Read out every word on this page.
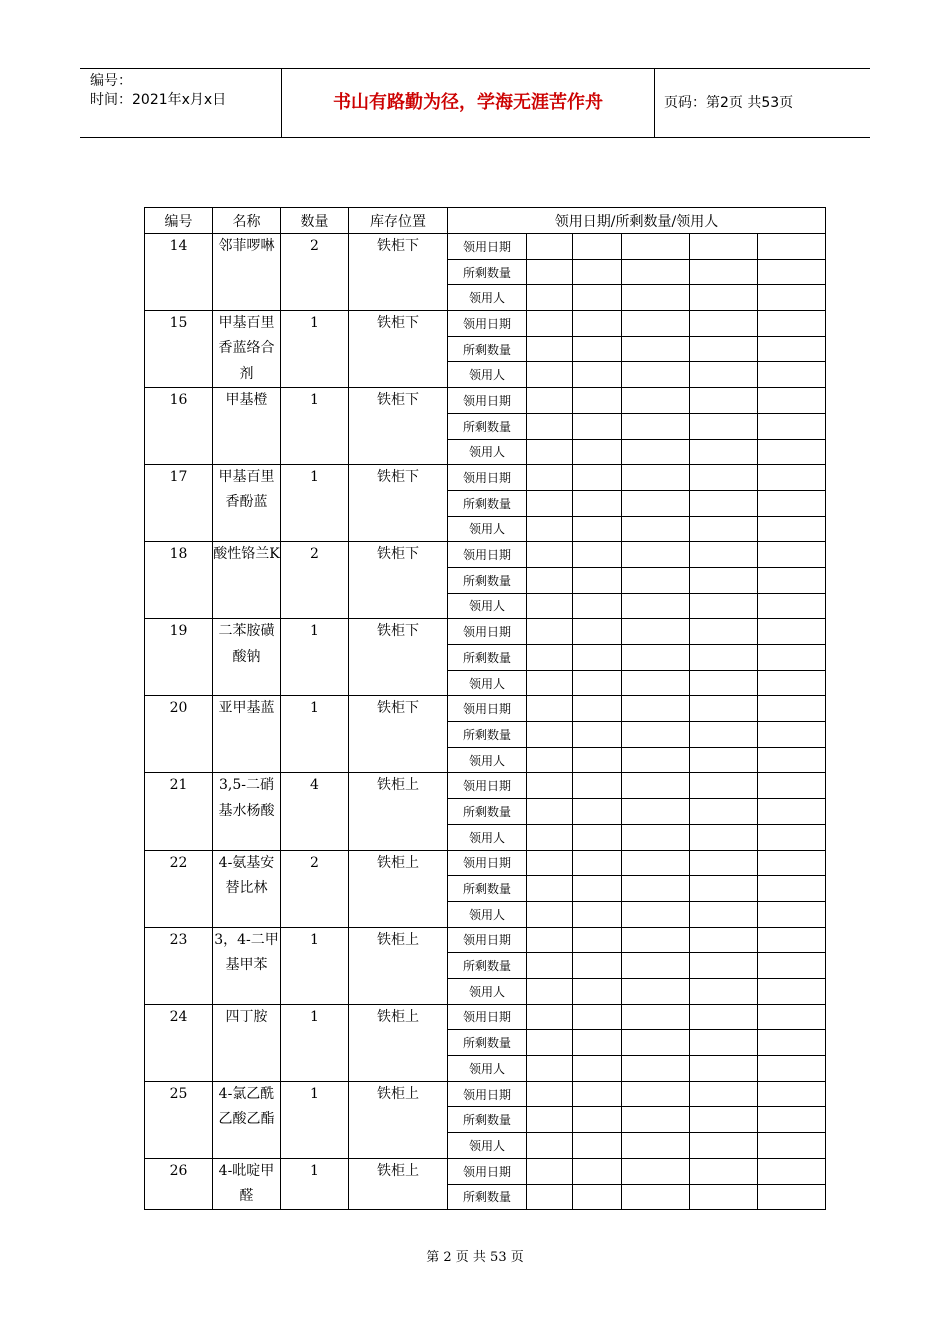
编号：
时间：2021年x月x日	书山有路勤为径，学海无涯苦作舟	页码：第2页 共53页
编号	名称	数量	库存位置	领用日期/所剩数量/领用人					
14	邻菲啰啉	2	铁柜下	领用日期					
				所剩数量					
				领用人					
15	甲基百里香蓝络合剂	1	铁柜下	领用日期					
				所剩数量					
				领用人					
16	甲基橙	1	铁柜下	领用日期					
				所剩数量					
				领用人					
17	甲基百里香酚蓝	1	铁柜下	领用日期					
				所剩数量					
				领用人					
18	酸性铬兰K	2	铁柜下	领用日期					
				所剩数量					
				领用人					
19	二苯胺磺酸钠	1	铁柜下	领用日期					
				所剩数量					
				领用人					
20	亚甲基蓝	1	铁柜下	领用日期					
				所剩数量					
				领用人					
21	3,5-二硝基水杨酸	4	铁柜上	领用日期					
				所剩数量					
				领用人					
22	4-氨基安替比林	2	铁柜上	领用日期					
				所剩数量					
				领用人					
23	3，4-二甲基甲苯	1	铁柜上	领用日期					
				所剩数量					
				领用人					
24	四丁胺	1	铁柜上	领用日期					
				所剩数量					
				领用人					
25	4-氯乙酰乙酸乙酯	1	铁柜上	领用日期					
				所剩数量					
				领用人					
26	4-吡啶甲醛	1	铁柜上	领用日期					
				所剩数量					
第 2 页 共 53 页
